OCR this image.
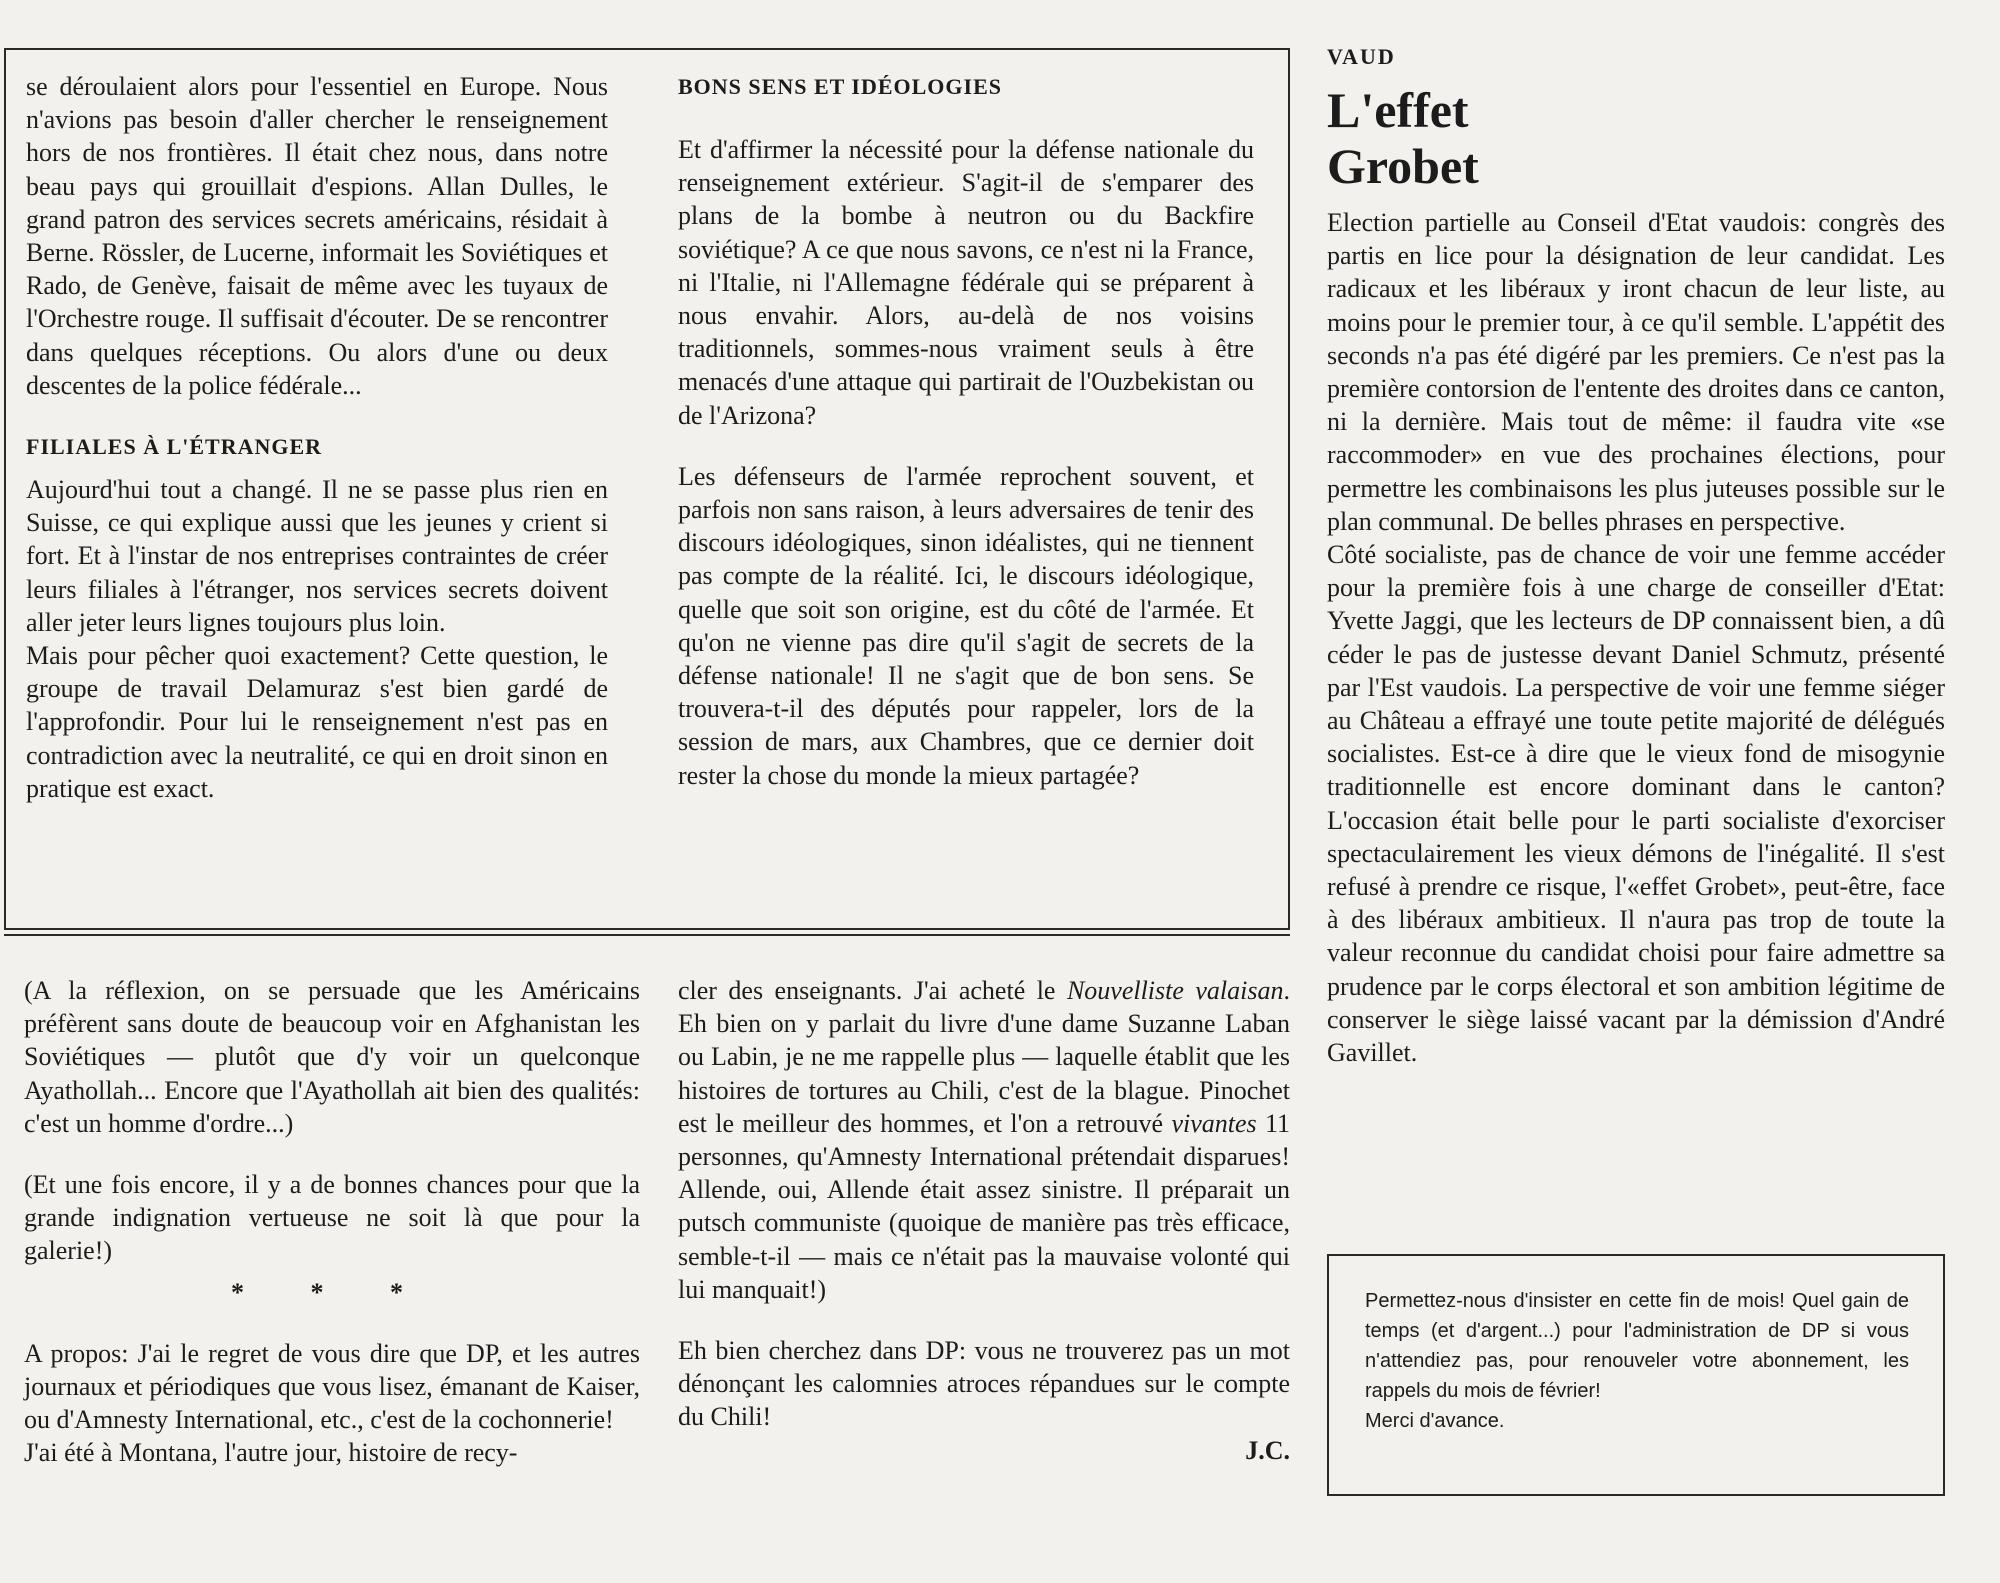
se déroulaient alors pour l'essentiel en Europe. Nous n'avions pas besoin d'aller chercher le renseignement hors de nos frontières. Il était chez nous, dans notre beau pays qui grouillait d'espions. Allan Dulles, le grand patron des services secrets américains, résidait à Berne. Rössler, de Lucerne, informait les Soviétiques et Rado, de Genève, faisait de même avec les tuyaux de l'Orchestre rouge. Il suffisait d'écouter. De se rencontrer dans quelques réceptions. Ou alors d'une ou deux descentes de la police fédérale...

FILIALES À L'ÉTRANGER

Aujourd'hui tout a changé. Il ne se passe plus rien en Suisse, ce qui explique aussi que les jeunes y crient si fort. Et à l'instar de nos entreprises contraintes de créer leurs filiales à l'étranger, nos services secrets doivent aller jeter leurs lignes toujours plus loin.

Mais pour pêcher quoi exactement? Cette question, le groupe de travail Delamuraz s'est bien gardé de l'approfondir. Pour lui le renseignement n'est pas en contradiction avec la neutralité, ce qui en droit sinon en pratique est exact.

BONS SENS ET IDÉOLOGIES

Et d'affirmer la nécessité pour la défense nationale du renseignement extérieur. S'agit-il de s'emparer des plans de la bombe à neutron ou du Backfire soviétique? A ce que nous savons, ce n'est ni la France, ni l'Italie, ni l'Allemagne fédérale qui se préparent à nous envahir. Alors, au-delà de nos voisins traditionnels, sommes-nous vraiment seuls à être menacés d'une attaque qui partirait de l'Ouzbekistan ou de l'Arizona?

Les défenseurs de l'armée reprochent souvent, et parfois non sans raison, à leurs adversaires de tenir des discours idéologiques, sinon idéalistes, qui ne tiennent pas compte de la réalité. Ici, le discours idéologique, quelle que soit son origine, est du côté de l'armée. Et qu'on ne vienne pas dire qu'il s'agit de secrets de la défense nationale! Il ne s'agit que de bon sens. Se trouvera-t-il des députés pour rappeler, lors de la session de mars, aux Chambres, que ce dernier doit rester la chose du monde la mieux partagée?

(A la réflexion, on se persuade que les Américains préfèrent sans doute de beaucoup voir en Afghanistan les Soviétiques — plutôt que d'y voir un quelconque Ayathollah... Encore que l'Ayathollah ait bien des qualités: c'est un homme d'ordre...)

(Et une fois encore, il y a de bonnes chances pour que la grande indignation vertueuse ne soit là que pour la galerie!)

* * *

A propos: J'ai le regret de vous dire que DP, et les autres journaux et périodiques que vous lisez, émanant de Kaiser, ou d'Amnesty International, etc., c'est de la cochonnerie!

J'ai été à Montana, l'autre jour, histoire de recy-

cler des enseignants. J'ai acheté le Nouvelliste valaisan. Eh bien on y parlait du livre d'une dame Suzanne Laban ou Labin, je ne me rappelle plus — laquelle établit que les histoires de tortures au Chili, c'est de la blague. Pinochet est le meilleur des hommes, et l'on a retrouvé vivantes 11 personnes, qu'Amnesty International prétendait disparues! Allende, oui, Allende était assez sinistre. Il préparait un putsch communiste (quoique de manière pas très efficace, semble-t-il — mais ce n'était pas la mauvaise volonté qui lui manquait!)

Eh bien cherchez dans DP: vous ne trouverez pas un mot dénonçant les calomnies atroces répandues sur le compte du Chili!

J.C.

VAUD
L'effet
Grobet

Election partielle au Conseil d'Etat vaudois: congrès des partis en lice pour la désignation de leur candidat. Les radicaux et les libéraux y iront chacun de leur liste, au moins pour le premier tour, à ce qu'il semble. L'appétit des seconds n'a pas été digéré par les premiers. Ce n'est pas la première contorsion de l'entente des droites dans ce canton, ni la dernière. Mais tout de même: il faudra vite «se raccommoder» en vue des prochaines élections, pour permettre les combinaisons les plus juteuses possible sur le plan communal. De belles phrases en perspective.

Côté socialiste, pas de chance de voir une femme accéder pour la première fois à une charge de conseiller d'Etat: Yvette Jaggi, que les lecteurs de DP connaissent bien, a dû céder le pas de justesse devant Daniel Schmutz, présenté par l'Est vaudois. La perspective de voir une femme siéger au Château a effrayé une toute petite majorité de délégués socialistes. Est-ce à dire que le vieux fond de misogynie traditionnelle est encore dominant dans le canton? L'occasion était belle pour le parti socialiste d'exorciser spectaculairement les vieux démons de l'inégalité. Il s'est refusé à prendre ce risque, l'«effet Grobet», peut-être, face à des libéraux ambitieux. Il n'aura pas trop de toute la valeur reconnue du candidat choisi pour faire admettre sa prudence par le corps électoral et son ambition légitime de conserver le siège laissé vacant par la démission d'André Gavillet.

Permettez-nous d'insister en cette fin de mois! Quel gain de temps (et d'argent...) pour l'administration de DP si vous n'attendiez pas, pour renouveler votre abonnement, les rappels du mois de février!

Merci d'avance.
